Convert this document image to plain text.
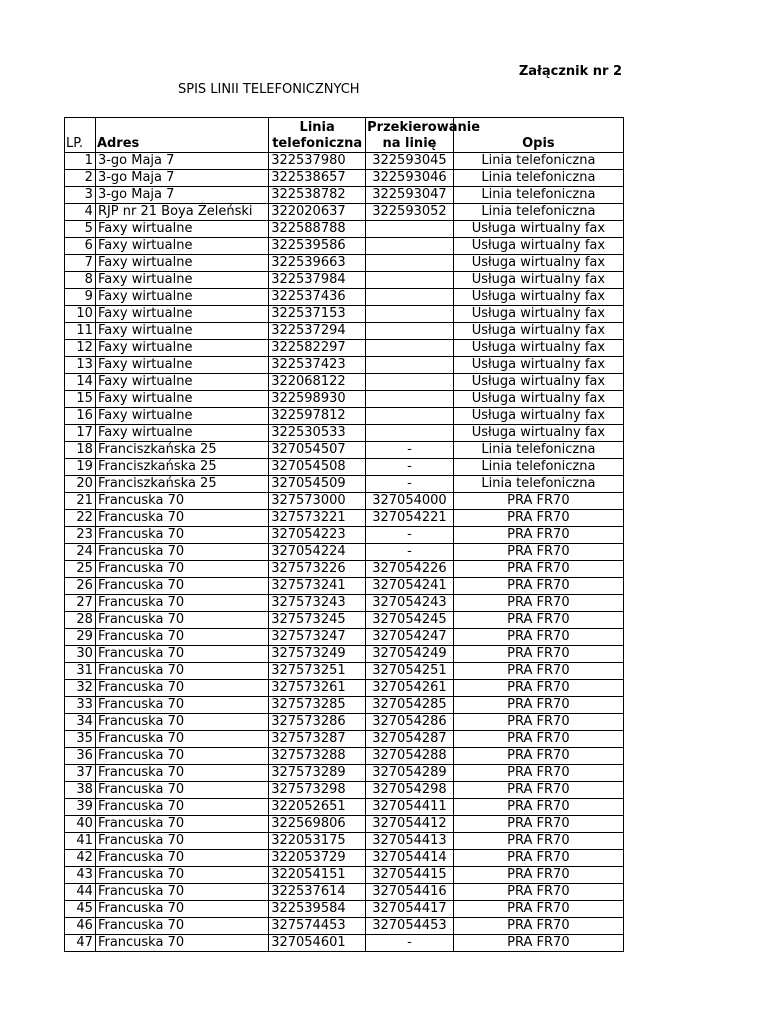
Załącznik nr 2
SPIS LINII TELEFONICZNYCH
LP.	Adres	Linia telefoniczna	Przekierowanie na linię	Opis
1	3-go Maja 7	322537980	322593045	Linia telefoniczna
2	3-go Maja 7	322538657	322593046	Linia telefoniczna
3	3-go Maja 7	322538782	322593047	Linia telefoniczna
4	RJP nr 21 Boya Żeleński	322020637	322593052	Linia telefoniczna
5	Faxy wirtualne	322588788		Usługa wirtualny fax
6	Faxy wirtualne	322539586		Usługa wirtualny fax
7	Faxy wirtualne	322539663		Usługa wirtualny fax
8	Faxy wirtualne	322537984		Usługa wirtualny fax
9	Faxy wirtualne	322537436		Usługa wirtualny fax
10	Faxy wirtualne	322537153		Usługa wirtualny fax
11	Faxy wirtualne	322537294		Usługa wirtualny fax
12	Faxy wirtualne	322582297		Usługa wirtualny fax
13	Faxy wirtualne	322537423		Usługa wirtualny fax
14	Faxy wirtualne	322068122		Usługa wirtualny fax
15	Faxy wirtualne	322598930		Usługa wirtualny fax
16	Faxy wirtualne	322597812		Usługa wirtualny fax
17	Faxy wirtualne	322530533		Usługa wirtualny fax
18	Franciszkańska 25	327054507	-	Linia telefoniczna
19	Franciszkańska 25	327054508	-	Linia telefoniczna
20	Franciszkańska 25	327054509	-	Linia telefoniczna
21	Francuska 70	327573000	327054000	PRA FR70
22	Francuska 70	327573221	327054221	PRA FR70
23	Francuska 70	327054223	-	PRA FR70
24	Francuska 70	327054224	-	PRA FR70
25	Francuska 70	327573226	327054226	PRA FR70
26	Francuska 70	327573241	327054241	PRA FR70
27	Francuska 70	327573243	327054243	PRA FR70
28	Francuska 70	327573245	327054245	PRA FR70
29	Francuska 70	327573247	327054247	PRA FR70
30	Francuska 70	327573249	327054249	PRA FR70
31	Francuska 70	327573251	327054251	PRA FR70
32	Francuska 70	327573261	327054261	PRA FR70
33	Francuska 70	327573285	327054285	PRA FR70
34	Francuska 70	327573286	327054286	PRA FR70
35	Francuska 70	327573287	327054287	PRA FR70
36	Francuska 70	327573288	327054288	PRA FR70
37	Francuska 70	327573289	327054289	PRA FR70
38	Francuska 70	327573298	327054298	PRA FR70
39	Francuska 70	322052651	327054411	PRA FR70
40	Francuska 70	322569806	327054412	PRA FR70
41	Francuska 70	322053175	327054413	PRA FR70
42	Francuska 70	322053729	327054414	PRA FR70
43	Francuska 70	322054151	327054415	PRA FR70
44	Francuska 70	322537614	327054416	PRA FR70
45	Francuska 70	322539584	327054417	PRA FR70
46	Francuska 70	327574453	327054453	PRA FR70
47	Francuska 70	327054601	-	PRA FR70
